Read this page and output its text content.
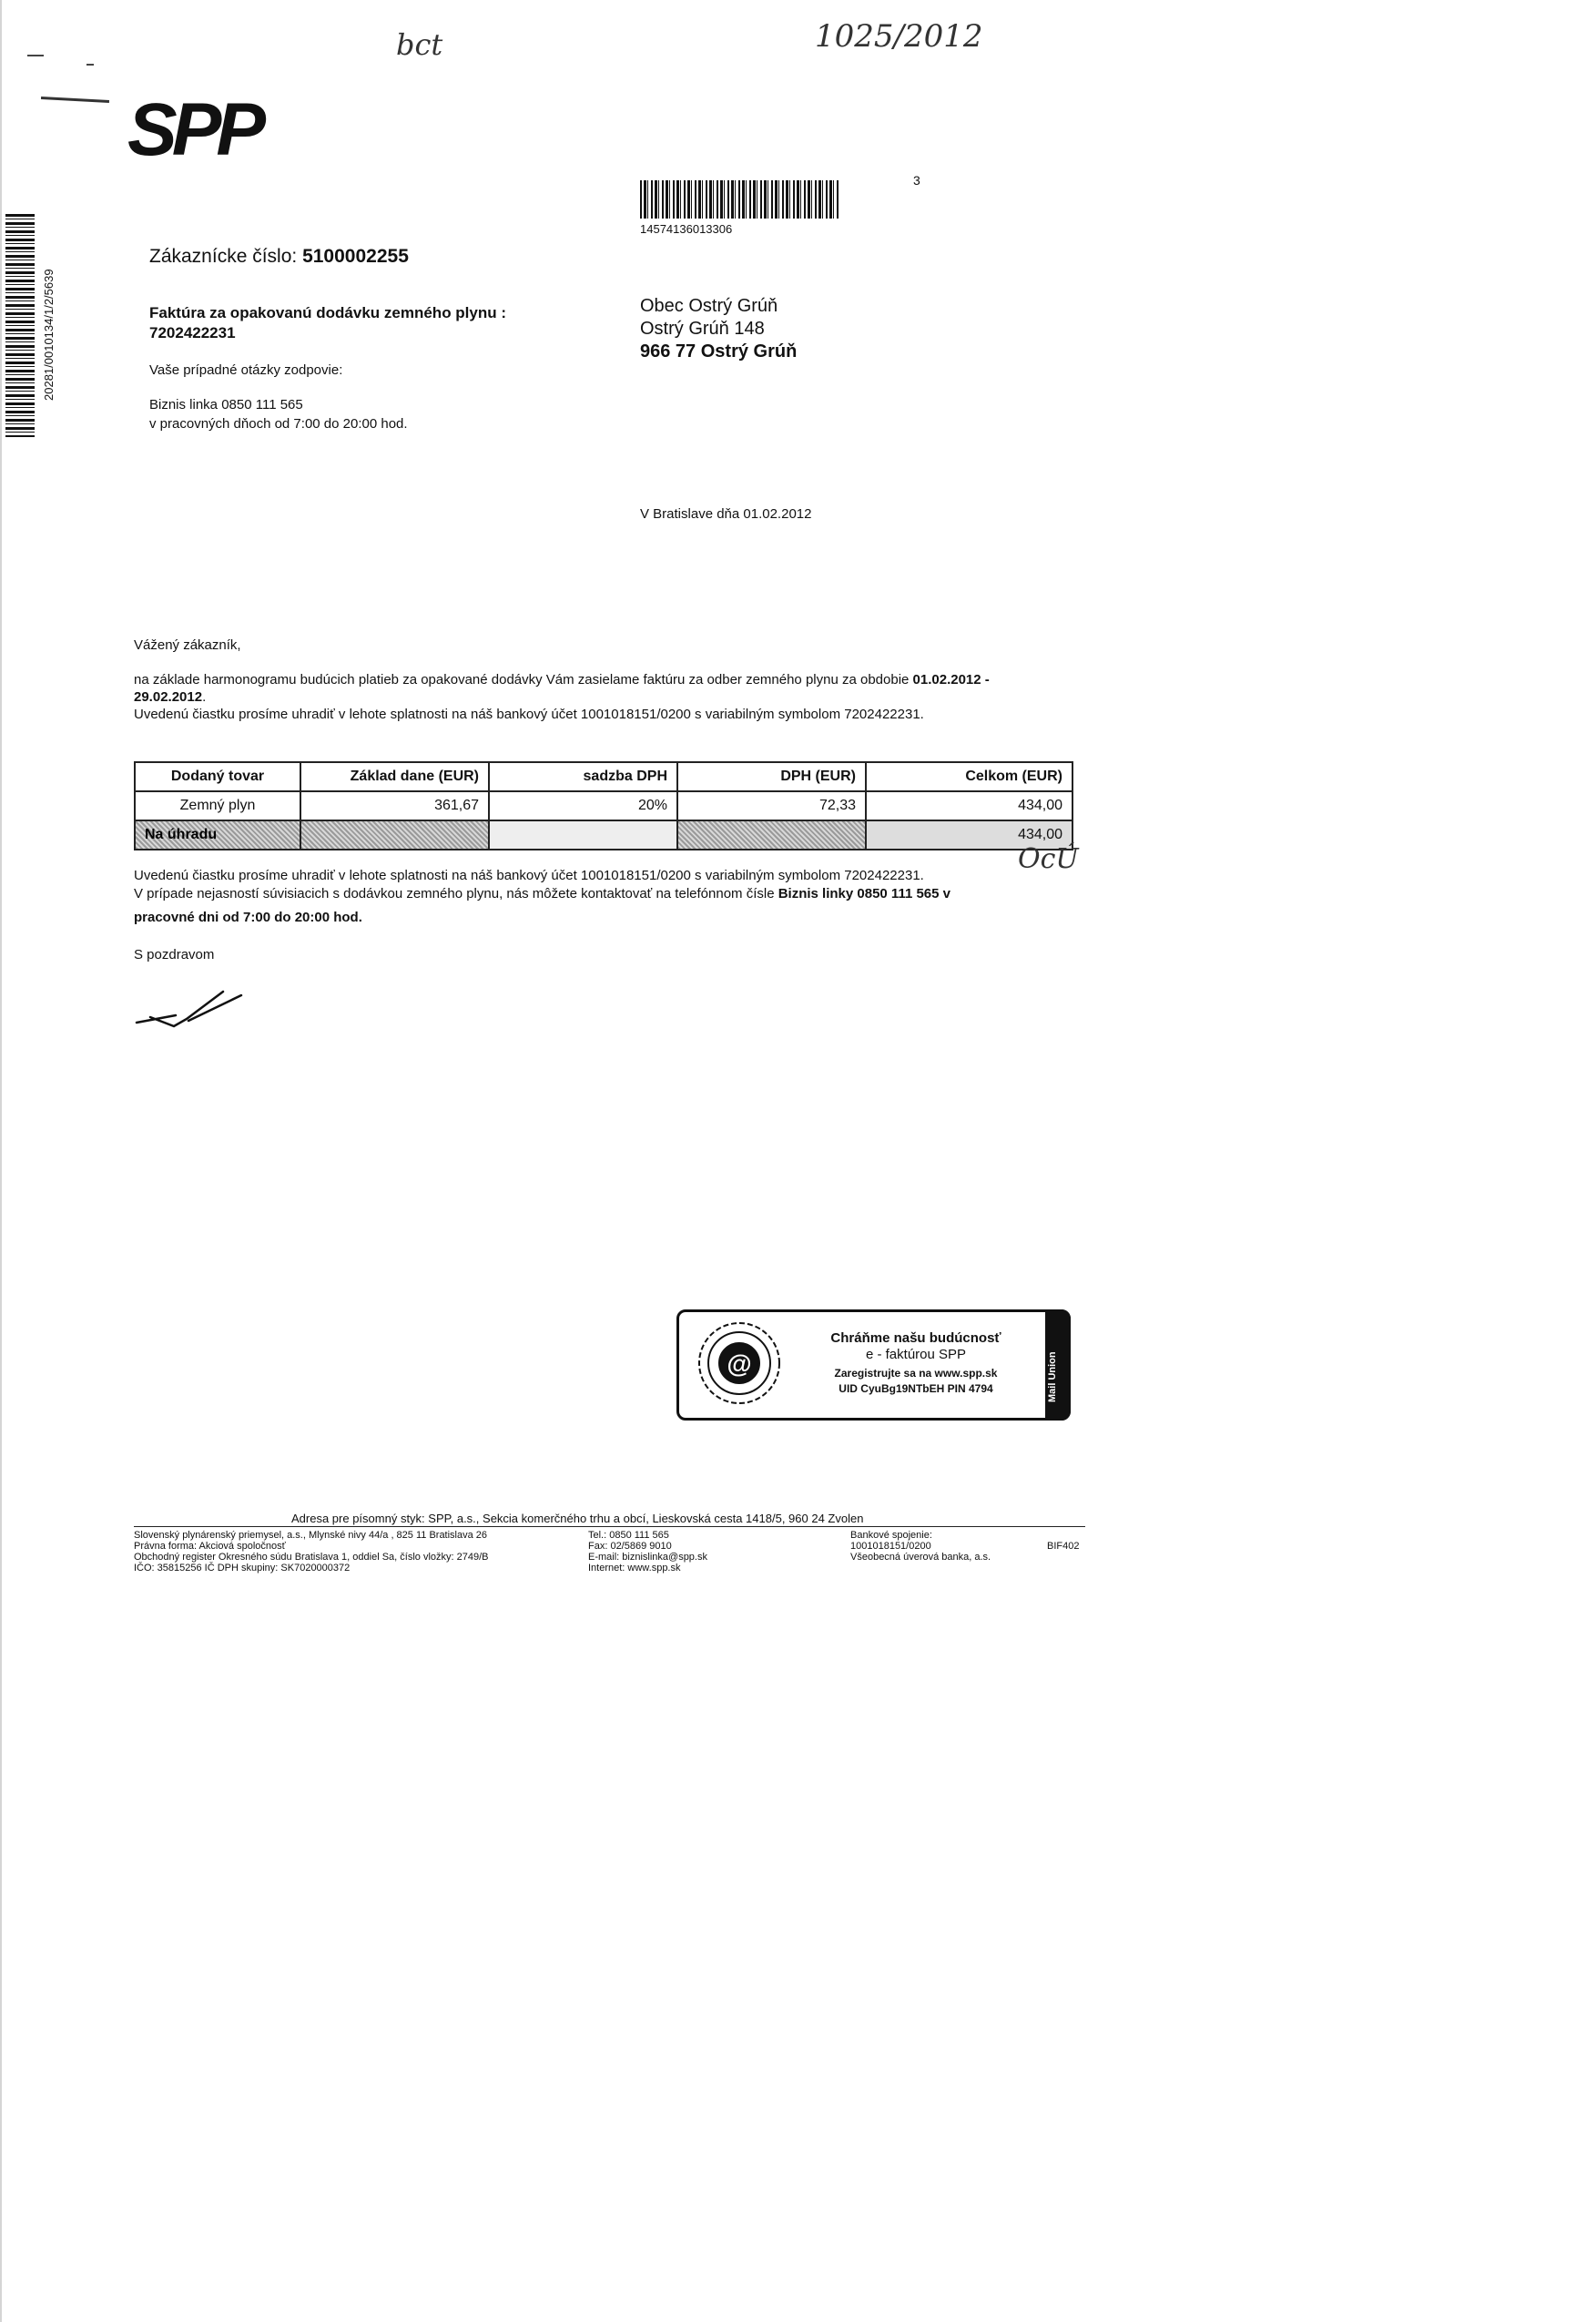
bct	1025/2012
SPP
20281/0010134/1/2/5639
14574136013306
3
Zákaznícke číslo: 5100002255
Faktúra za opakovanú dodávku zemného plynu :
7202422231
Vaše prípadné otázky zodpovie:
Biznis linka 0850 111 565
v pracovných dňoch od 7:00 do 20:00 hod.
Obec Ostrý Grúň
Ostrý Grúň 148
966 77 Ostrý Grúň
V Bratislave dňa 01.02.2012
Vážený zákazník,
na základe harmonogramu budúcich platieb za opakované dodávky Vám zasielame faktúru za odber zemného plynu za obdobie 01.02.2012 -
29.02.2012.
Uvedenú čiastku prosíme uhradiť v lehote splatnosti na náš bankový účet 1001018151/0200 s variabilným symbolom 7202422231.
Dodaný tovar	Základ dane (EUR)	sadzba DPH	DPH (EUR)	Celkom (EUR)
Zemný plyn	361,67	20%	72,33	434,00
Na úhradu				434,00
OcÚ
Uvedenú čiastku prosíme uhradiť v lehote splatnosti na náš bankový účet 1001018151/0200 s variabilným symbolom 7202422231.
V prípade nejasností súvisiacich s dodávkou zemného plynu, nás môžete kontaktovať na telefónnom čísle Biznis linky 0850 111 565 v
pracovné dni od 7:00 do 20:00 hod.
S pozdravom
@
Chráňme našu budúcnosť
e - faktúrou SPP
Zaregistrujte sa na www.spp.sk
UID CyuBg19NTbEH PIN 4794	Mail Union
Adresa pre písomný styk: SPP, a.s., Sekcia komerčného trhu a obcí, Lieskovská cesta 1418/5, 960 24 Zvolen
Slovenský plynárenský priemysel, a.s., Mlynské nivy 44/a , 825 11 Bratislava 26
Právna forma: Akciová spoločnosť
Obchodný register Okresného súdu Bratislava 1, oddiel Sa, číslo vložky: 2749/B
IČO: 35815256 IČ DPH skupiny: SK7020000372
Tel.: 0850 111 565
Fax: 02/5869 9010
E-mail: biznislinka@spp.sk
Internet: www.spp.sk
Bankové spojenie:
1001018151/0200
Všeobecná úverová banka, a.s.
BIF402
